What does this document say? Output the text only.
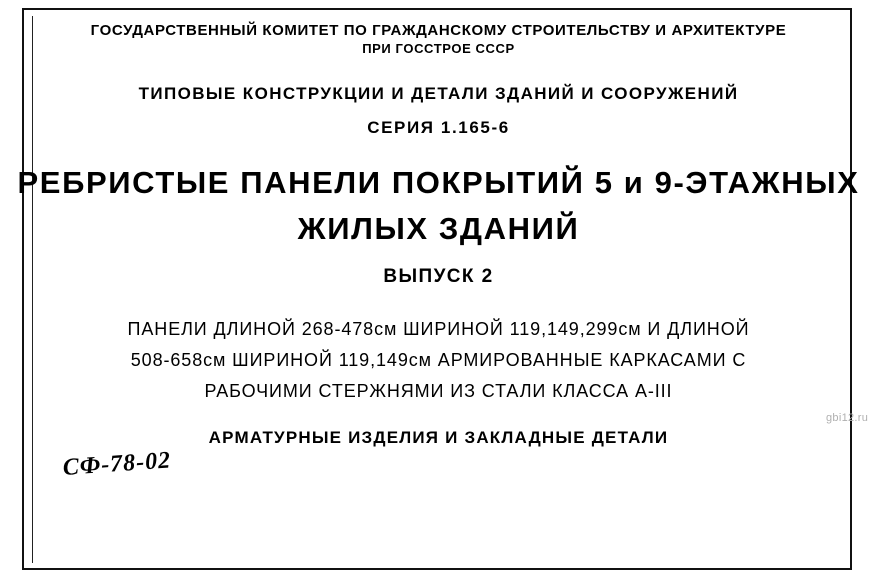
ГОСУДАРСТВЕННЫЙ КОМИТЕТ ПО ГРАЖДАНСКОМУ СТРОИТЕЛЬСТВУ И АРХИТЕКТУРЕ
ПРИ ГОССТРОЕ СССР
ТИПОВЫЕ КОНСТРУКЦИИ И ДЕТАЛИ ЗДАНИЙ И СООРУЖЕНИЙ
СЕРИЯ 1.165-6
РЕБРИСТЫЕ ПАНЕЛИ ПОКРЫТИЙ 5 и 9-ЭТАЖНЫХ
ЖИЛЫХ ЗДАНИЙ
ВЫПУСК 2
ПАНЕЛИ ДЛИНОЙ 268-478см ШИРИНОЙ 119,149,299см И ДЛИНОЙ
508-658см ШИРИНОЙ 119,149см АРМИРОВАННЫЕ КАРКАСАМИ С
РАБОЧИМИ СТЕРЖНЯМИ ИЗ СТАЛИ КЛАССА А-III
АРМАТУРНЫЕ ИЗДЕЛИЯ И ЗАКЛАДНЫЕ ДЕТАЛИ
СФ-78-02
gbi12.ru
